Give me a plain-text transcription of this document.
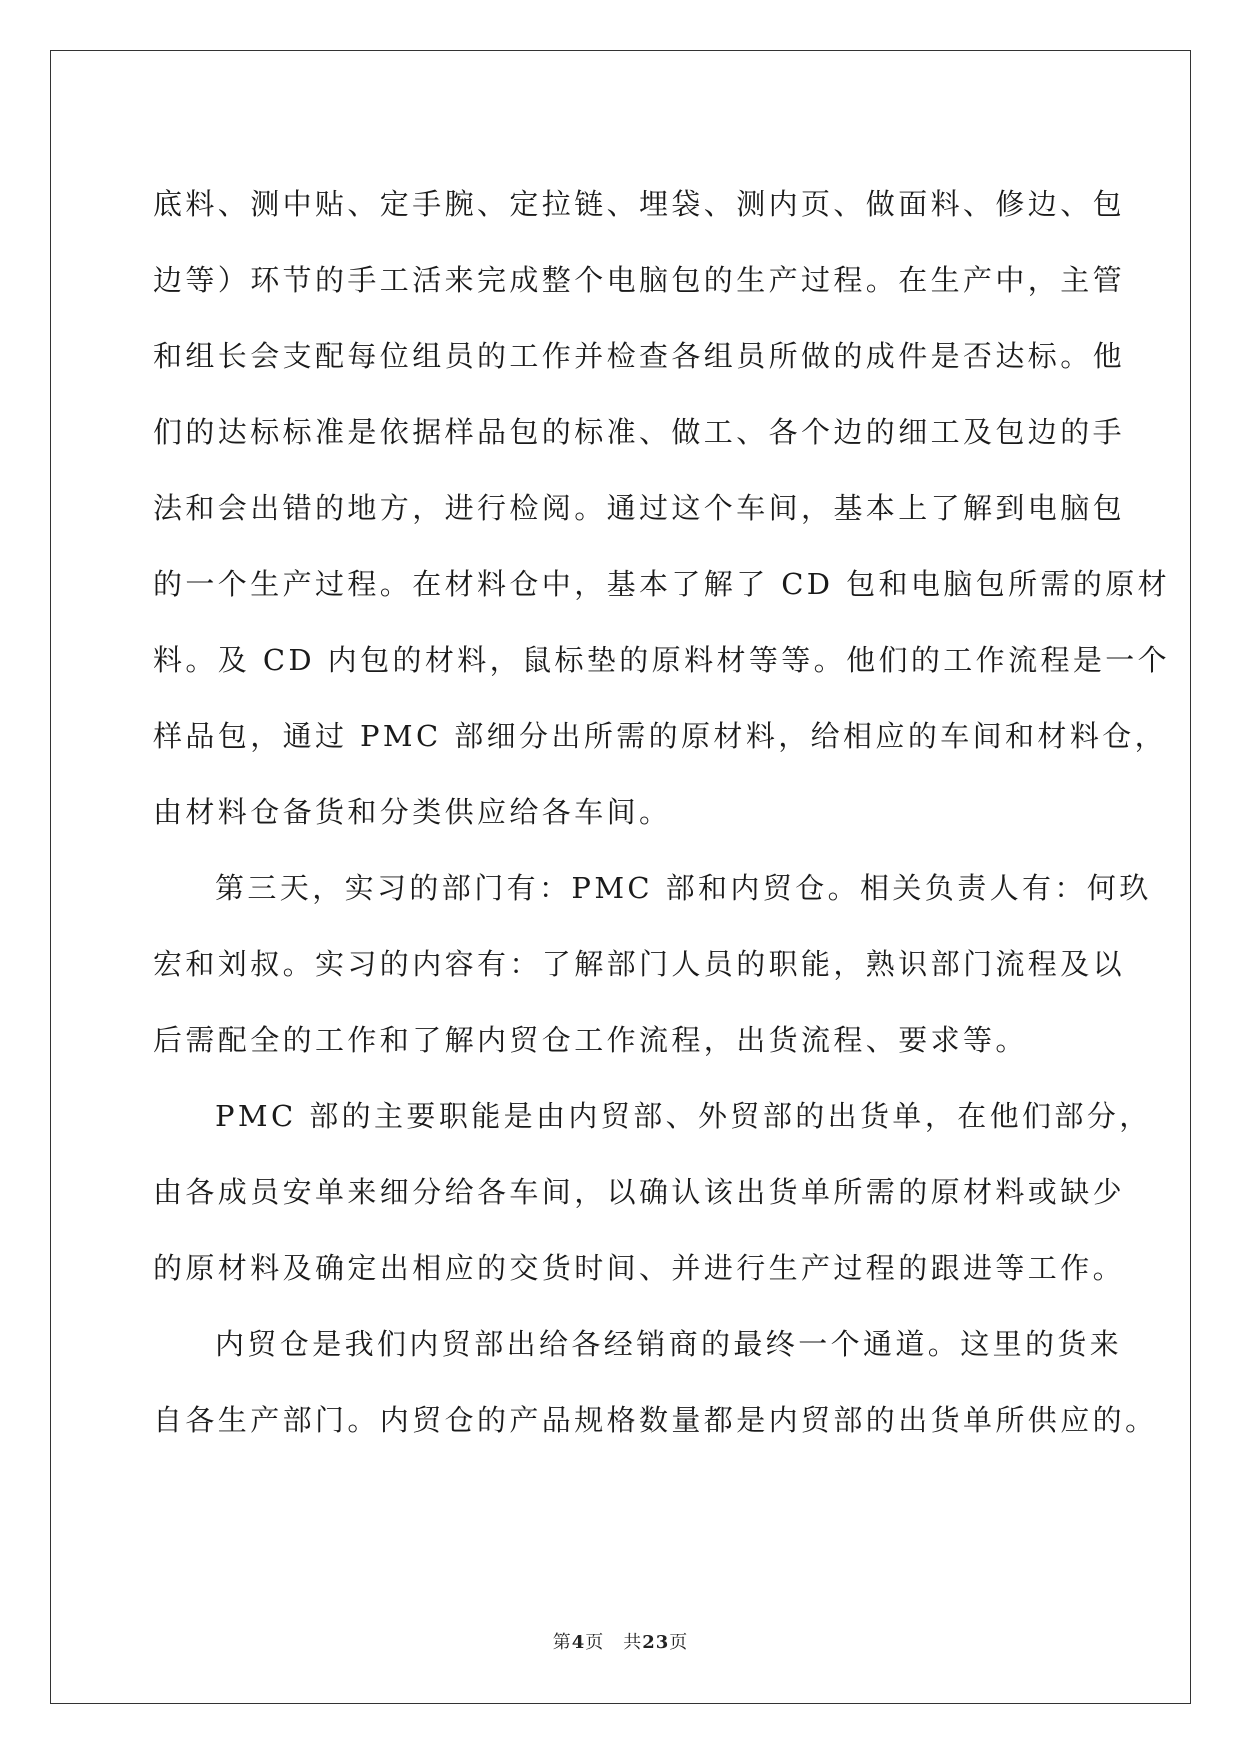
底料、测中贴、定手腕、定拉链、埋袋、测内页、做面料、修边、包
边等）环节的手工活来完成整个电脑包的生产过程。在生产中，主管
和组长会支配每位组员的工作并检查各组员所做的成件是否达标。他
们的达标标准是依据样品包的标准、做工、各个边的细工及包边的手
法和会出错的地方，进行检阅。通过这个车间，基本上了解到电脑包
的一个生产过程。在材料仓中，基本了解了 CD 包和电脑包所需的原材
料。及 CD 内包的材料，鼠标垫的原料材等等。他们的工作流程是一个
样品包，通过 PMC 部细分出所需的原材料，给相应的车间和材料仓，
由材料仓备货和分类供应给各车间。
第三天，实习的部门有：PMC 部和内贸仓。相关负责人有：何玖
宏和刘叔。实习的内容有：了解部门人员的职能，熟识部门流程及以
后需配全的工作和了解内贸仓工作流程，出货流程、要求等。
PMC 部的主要职能是由内贸部、外贸部的出货单，在他们部分，
由各成员安单来细分给各车间，以确认该出货单所需的原材料或缺少
的原材料及确定出相应的交货时间、并进行生产过程的跟进等工作。
内贸仓是我们内贸部出给各经销商的最终一个通道。这里的货来
自各生产部门。内贸仓的产品规格数量都是内贸部的出货单所供应的。
第4页　共23页
